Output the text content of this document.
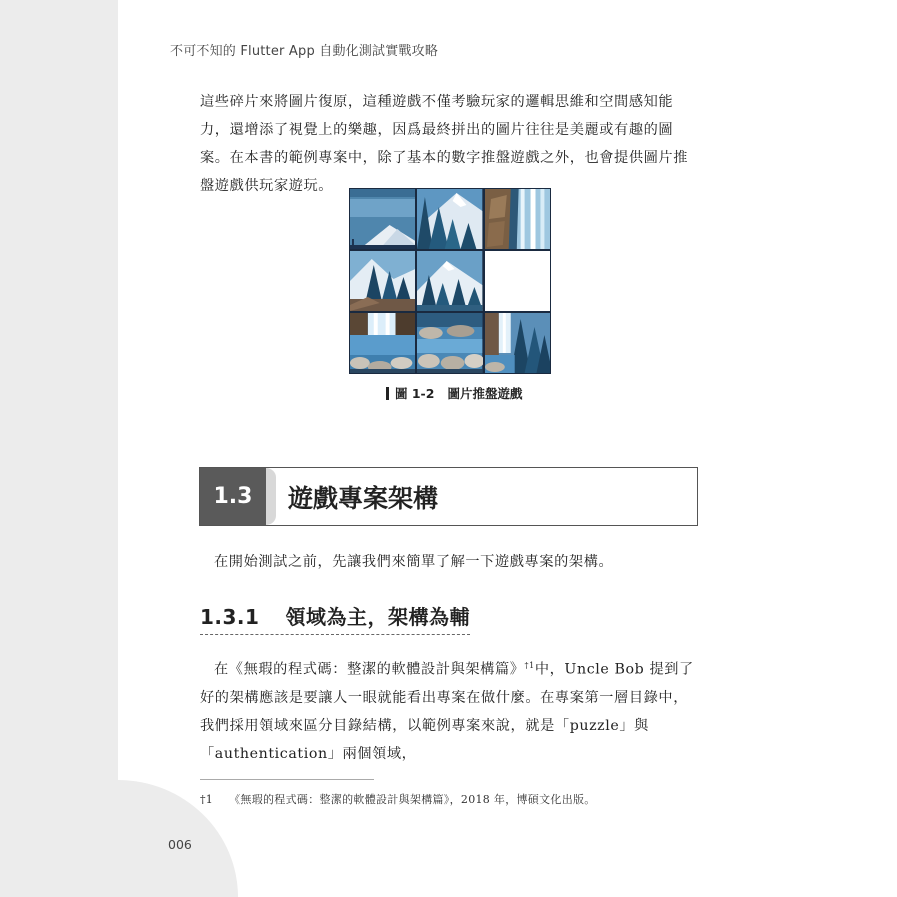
不可不知的 Flutter App 自動化測試實戰攻略

這些碎片來將圖片復原，這種遊戲不僅考驗玩家的邏輯思維和空間感知能力，還增添了視覺上的樂趣，因爲最終拼出的圖片往往是美麗或有趣的圖案。在本書的範例專案中，除了基本的數字推盤遊戲之外，也會提供圖片推盤遊戲供玩家遊玩。

圖 1-2 圖片推盤遊戲
1.3	遊戲專案架構

在開始測試之前，先讓我們來簡單了解一下遊戲專案的架構。

1.3.1 領域為主，架構為輔

在《無瑕的程式碼：整潔的軟體設計與架構篇》$^{\dagger 1}$中，Uncle Bob 提到了好的架構應該是要讓人一眼就能看出專案在做什麼。在專案第一層目錄中，我們採用領域來區分目錄結構，以範例專案來說，就是「puzzle」與「authentication」兩個領域，

†1 《無瑕的程式碼：整潔的軟體設計與架構篇》，2018 年，博碩文化出版。
006
